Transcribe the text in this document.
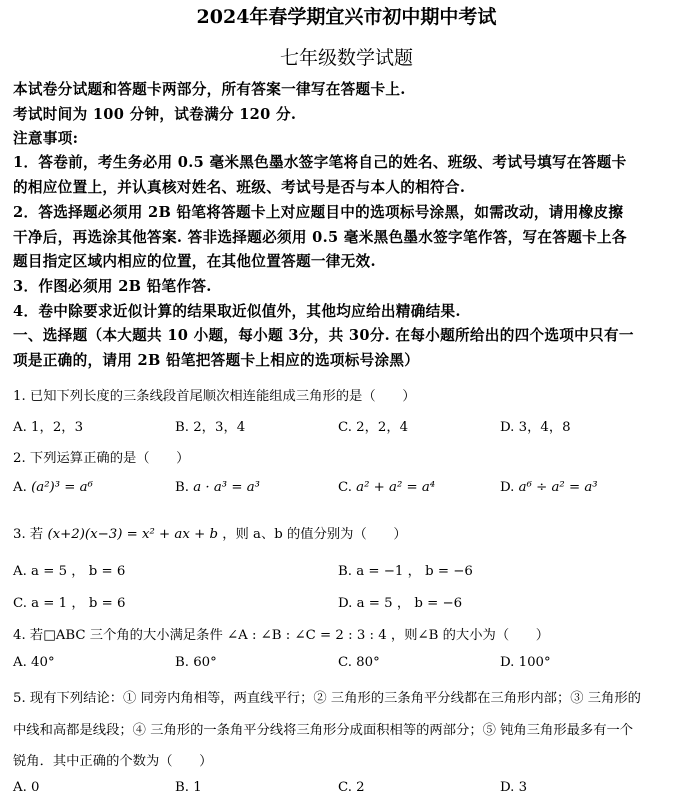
2024年春学期宜兴市初中期中考试
七年级数学试题
本试卷分试题和答题卡两部分，所有答案一律写在答题卡上.
考试时间为 100 分钟，试卷满分 120 分.
注意事项:
1．答卷前，考生务必用 0.5 毫米黑色墨水签字笔将自己的姓名、班级、考试号填写在答题卡
的相应位置上，并认真核对姓名、班级、考试号是否与本人的相符合.
2．答选择题必须用 2B 铅笔将答题卡上对应题目中的选项标号涂黑，如需改动，请用橡皮擦
干净后，再选涂其他答案. 答非选择题必须用 0.5 毫米黑色墨水签字笔作答，写在答题卡上各
题目指定区域内相应的位置，在其他位置答题一律无效.
3．作图必须用 2B 铅笔作答.
4．卷中除要求近似计算的结果取近似值外，其他均应给出精确结果.
一、选择题（本大题共 10 小题，每小题 3分，共 30分. 在每小题所给出的四个选项中只有一
项是正确的，请用 2B 铅笔把答题卡上相应的选项标号涂黑）
1. 已知下列长度的三条线段首尾顺次相连能组成三角形的是（　　）
A. 1，2，3	B. 2，3，4	C. 2，2，4	D. 3，4，8
2. 下列运算正确的是（　　）
A. (a²)³ = a⁶	B. a · a³ = a³	C. a² + a² = a⁴	D. a⁶ ÷ a² = a³
3. 若 (x+2)(x−3) = x² + ax + b ，则 a、b 的值分别为（　　）
A. a = 5 ， b = 6	B. a = −1 ， b = −6
C. a = 1 ， b = 6	D. a = 5 ， b = −6
4. 若□ABC 三个角的大小满足条件 ∠A : ∠B : ∠C = 2 : 3 : 4 ，则∠B 的大小为（　　）
A. 40°	B. 60°	C. 80°	D. 100°
5. 现有下列结论：① 同旁内角相等，两直线平行；② 三角形的三条角平分线都在三角形内部；③ 三角形的
中线和高都是线段；④ 三角形的一条角平分线将三角形分成面积相等的两部分；⑤ 钝角三角形最多有一个
锐角．其中正确的个数为（　　）
A. 0	B. 1	C. 2	D. 3
